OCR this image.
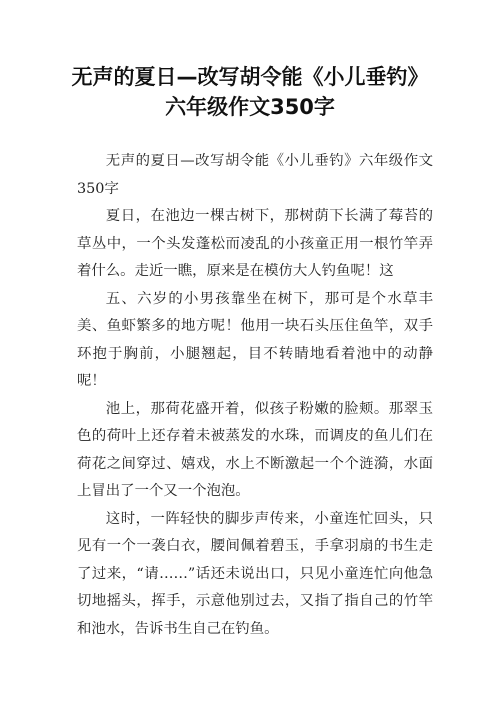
无声的夏日—改写胡令能《小儿垂钓》
六年级作文350字

无声的夏日—改写胡令能《小儿垂钓》六年级作文350字

夏日，在池边一棵古树下，那树荫下长满了莓苔的草丛中，一个头发蓬松而凌乱的小孩童正用一根竹竿弄着什么。走近一瞧，原来是在模仿大人钓鱼呢！这

五、六岁的小男孩靠坐在树下，那可是个水草丰美、鱼虾繁多的地方呢！他用一块石头压住鱼竿，双手环抱于胸前，小腿翘起，目不转睛地看着池中的动静呢！

池上，那荷花盛开着，似孩子粉嫩的脸颊。那翠玉色的荷叶上还存着未被蒸发的水珠，而调皮的鱼儿们在荷花之间穿过、嬉戏，水上不断激起一个个涟漪，水面上冒出了一个又一个泡泡。

这时，一阵轻快的脚步声传来，小童连忙回头，只见有一个一袭白衣，腰间佩着碧玉，手拿羽扇的书生走了过来，“请……”话还未说出口，只见小童连忙向他急切地摇头，挥手，示意他别过去，又指了指自己的竹竿和池水，告诉书生自己在钓鱼。
